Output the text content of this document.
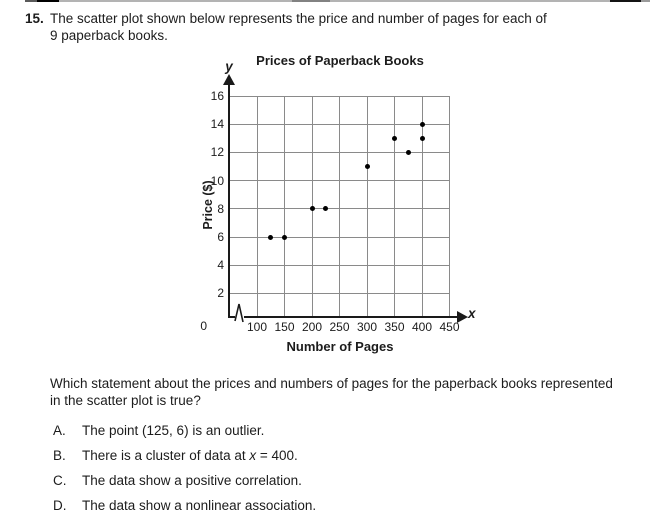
15. The scatter plot shown below represents the price and number of pages for each of
9 paperback books.
Prices of Paperback Books
100 150 200 250 300 350 400 450
2
4
6
8
10
12
14
16
y
x
0
Price ($)
Number of Pages
Which statement about the prices and numbers of pages for the paperback books represented
in the scatter plot is true?
A.	The point (125, 6) is an outlier.
B.	There is a cluster of data at x = 400.
C.	The data show a positive correlation.
D.	The data show a nonlinear association.
